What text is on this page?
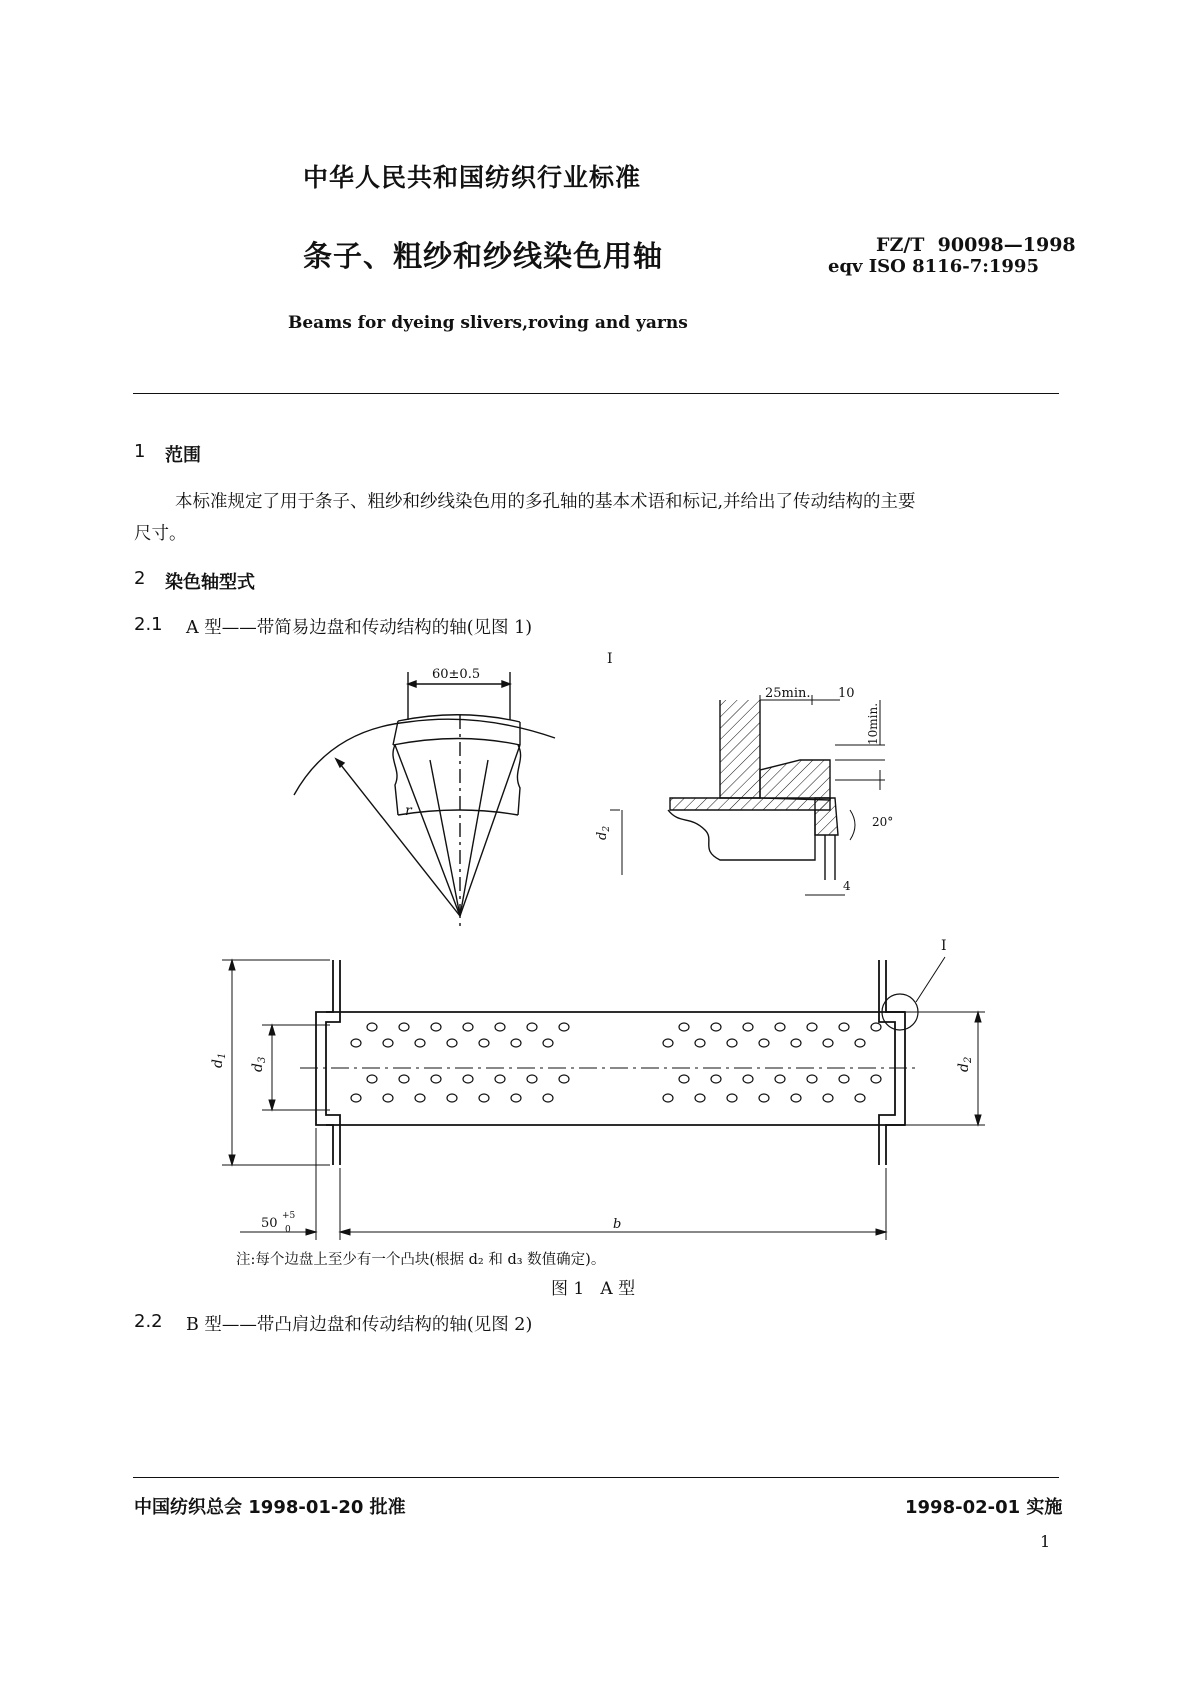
中华人民共和国纺织行业标准
条子、粗纱和纱线染色用轴
Beams for dyeing slivers,roving and yarns
FZ/T  90098—1998
eqv ISO 8116-7:1995
1 范围
本标准规定了用于条子、粗纱和纱线染色用的多孔轴的基本术语和标记,并给出了传动结构的主要
尺寸。
2 染色轴型式
2.1 A 型——带简易边盘和传动结构的轴(见图 1)
60±0.5
r
I
25min. 10
10min.
20°
4
$d_2$
$d_1$
$d_3$
$d_2$
I
50 +5
0	b
注:每个边盘上至少有一个凸块(根据 d₂ 和 d₃ 数值确定)。
图 1   A 型
2.2 B 型——带凸肩边盘和传动结构的轴(见图 2)
中国纺织总会 1998-01-20 批准	1998-02-01 实施
1
